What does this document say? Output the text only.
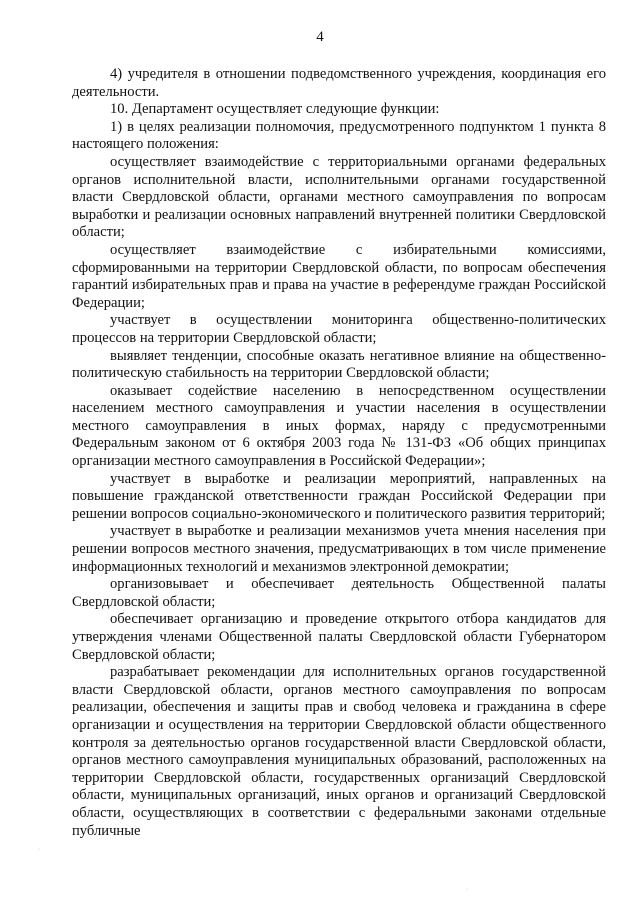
4

4) учредителя в отношении подведомственного учреждения, координация его деятельности.

10. Департамент осуществляет следующие функции:

1) в целях реализации полномочия, предусмотренного подпунктом 1 пункта 8 настоящего положения:

осуществляет взаимодействие с территориальными органами федеральных органов исполнительной власти, исполнительными органами государственной власти Свердловской области, органами местного самоуправления по вопросам выработки и реализации основных направлений внутренней политики Свердловской области;

осуществляет взаимодействие с избирательными комиссиями, сформированными на территории Свердловской области, по вопросам обеспечения гарантий избирательных прав и права на участие в референдуме граждан Российской Федерации;

участвует в осуществлении мониторинга общественно-политических процессов на территории Свердловской области;

выявляет тенденции, способные оказать негативное влияние на общественно-политическую стабильность на территории Свердловской области;

оказывает содействие населению в непосредственном осуществлении населением местного самоуправления и участии населения в осуществлении местного самоуправления в иных формах, наряду с предусмотренными Федеральным законом от 6 октября 2003 года № 131-ФЗ «Об общих принципах организации местного самоуправления в Российской Федерации»;

участвует в выработке и реализации мероприятий, направленных на повышение гражданской ответственности граждан Российской Федерации при решении вопросов социально-экономического и политического развития территорий;

участвует в выработке и реализации механизмов учета мнения населения при решении вопросов местного значения, предусматривающих в том числе применение информационных технологий и механизмов электронной демократии;

организовывает и обеспечивает деятельность Общественной палаты Свердловской области;

обеспечивает организацию и проведение открытого отбора кандидатов для утверждения членами Общественной палаты Свердловской области Губернатором Свердловской области;

разрабатывает рекомендации для исполнительных органов государственной власти Свердловской области, органов местного самоуправления по вопросам реализации, обеспечения и защиты прав и свобод человека и гражданина в сфере организации и осуществления на территории Свердловской области общественного контроля за деятельностью органов государственной власти Свердловской области, органов местного самоуправления муниципальных образований, расположенных на территории Свердловской области, государственных организаций Свердловской области, муниципальных организаций, иных органов и организаций Свердловской области, осуществляющих в соответствии с федеральными законами отдельные публичные

·
·
